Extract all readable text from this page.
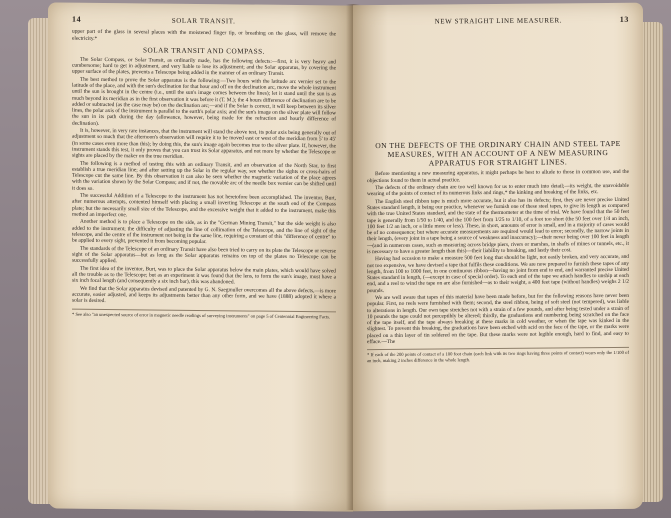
14	SOLAR TRANSIT.

upper part of the glass in several places with the moistened finger tip, or breathing on the glass, will remove the electricity.*

SOLAR TRANSIT AND COMPASS.

The Solar Compass, or Solar Transit, as ordinarily made, has the following defects:—first, it is very heavy and cumbersome; hard to get in adjustment, and very liable to lose its adjustment; and the Solar apparatus, by covering the upper surface of the plates, prevents a Telescope being added in the manner of an ordinary Transit.

The best method to prove the Solar apparatus is the following:—Two hours with the latitude arc vernier set to the latitude of the place, and with the sun's declination for that hour and off on the declination arc, move the whole instrument until the sun is brought in the centre (i.e., until the sun's image comes between the lines); let it stand until the sun is as much beyond its meridian as in the first observation it was before it (T. M.); the 4 hours difference of declination are to be added or subtracted (as the case may be) on the declination arc;—and if the Solar is correct, it will keep between its silver lines, the polar axis of the instrument is parallel to the earth's polar axis; and the sun's image on the silver plate will follow the sun in its path during the day (allowance, however, being made for the refraction and hourly difference of declination).

It is, however, in very rare instances, that the instrument will stand the above test, its polar axis being generally out of adjustment so much that the afternoon's observation will require it to be moved east or west of the meridian from 5' to 45' (in some cases even more than this); by doing this, the sun's image again becomes true to the silver plate. If, however, the instrument stands this test, it only proves that you can trust its Solar apparatus, and not more by whether the Telescope or sights are placed by the maker on the true meridian.

The following is a method of testing this with an ordinary Transit, and an observation of the North Star, to first establish a true meridian line; and after setting up the Solar in the regular way, see whether the sights or cross-hairs of Telescope cut the same line. By this observation it can also be seen whether the magnetic variation of the place agrees with the variation shown by the Solar Compass; and if not, the movable arc of the needle box vernier can be shifted until it does so.

The successful Addition of a Telescope to the instrument has not heretofore been accomplished. The inventor, Burt, after numerous attempts, contented himself with placing a small inverting Telescope at the south end of the Compass plate; but the necessarily small size of the Telescope, and the excessive weight that it added to the instrument, make this method an imperfect one.

Another method is to place a Telescope on the side, as in the "German Mining Transit," but the side weight is also added to the instrument; the difficulty of adjusting the line of collimation of the Telescope, and the line of sight of the telescope, and the centre of the instrument not being in the same line, requiring a constant of this "difference of centre" to be applied to every sight, prevented it from becoming popular.

The standards of the Telescope of an ordinary Transit have also been tried to carry on its plate the Telescope or reverse sight of the Solar apparatus—but as long as the Solar apparatus remains on top of the plates no Telescope can be successfully applied.

The first idea of the inventor, Burt, was to place the Solar apparatus below the main plates, which would have solved all the trouble as to the Telescope; but as an experiment it was found that the lens, to form the sun's image, must have a six inch focal length (and consequently a six inch bar), this was abandoned.

We find that the Solar apparatus devised and patented by G. N. Saegmuller overcomes all the above defects,—is more accurate, easier adjusted, and keeps its adjustments better than any other form, and we have (1888) adopted it where a solar is desired.

* See also "an unexpected source of error in magnetic needle readings of surveying instruments" on page 5 of Centennial Engineering Facts.
NEW STRAIGHT LINE MEASURER.	13
ON THE DEFECTS OF THE ORDINARY CHAIN AND STEEL TAPE MEASURES, WITH AN ACCOUNT OF A NEW MEASURING APPARATUS FOR STRAIGHT LINES.

Before mentioning a new measuring apparatus, it might perhaps be best to allude to those in common use, and the objections found to them in actual practice.

The defects of the ordinary chain are too well known for us to enter much into detail;—its weight, the unavoidable wearing of the points of contact of its numerous links and rings,* the kinking and breaking of the links, etc.

The English steel ribbon tape is much more accurate, but it also has its defects; first, they are never precise United States standard length, it being our practice, whenever we furnish one of these steel tapes, to give its length as compared with the true United States standard, and the state of the thermometer at the time of trial. We have found that the 50 feet tape is generally from 1/50 to 1/40, and the 100 feet from 1/25 to 1/10, of a foot too short (the 50 feet over 1/4 an inch, 100 feet 1/2 an inch, or a little more or less). These, in short, amounts of error is small, and in a majority of cases would be of no consequence; but where accurate measurements are required would lead to error; secondly, the narrow joints in their length, (every joint in a tape being a source of weakness and inaccuracy);—their never being over 100 feet in length—(and in numerous cases, such as measuring across bridge piers, rivers or marshes, in shafts of mines or tunnels, etc., it is necessary to have a greater length than this)—their liability to breaking, and lastly their cost.

Having had occasion to make a measure 500 feet long that should be light, not easily broken, and very accurate, and not too expensive, we have devised a tape that fulfils these conditions. We are now prepared to furnish these tapes of any length, from 100 to 1000 feet, in one continuous ribbon—having no joint from end to end, and warranted precise United States standard in length, (—except in case of special order). To each end of the tape we attach handles to unship at each end, and a reel to wind the tape on are also furnished—as to their weight, a 400 feet tape (without handles) weighs 2 1/2 pounds.

We are well aware that tapes of this material have been made before, but for the following reasons have never been popular. First, no reels were furnished with them; second, the steel ribbon, being of soft steel (not tempered), was liable to alterations in length. Our own tape stretches not with a strain of a few pounds, and after being tested under a strain of 10 pounds the tape could not perceptibly be altered; thirdly, the graduations and numbering being scratched on the face of the tape itself, and the tape always breaking at these marks in cold weather, or when the tape was kinked in the slightest. To prevent this breaking, the graduations have been etched with acid on the face of the tape, or the marks were placed on a thin layer of tin soldered on the tape. But these marks were not legible enough, hard to find, and easy to efface.—The

* If each of the 200 points of contact of a 100 foot chain (each link with its two rings having three points of contact) wears only the 1/100 of an inch, making 2 inches difference in the whole length.
